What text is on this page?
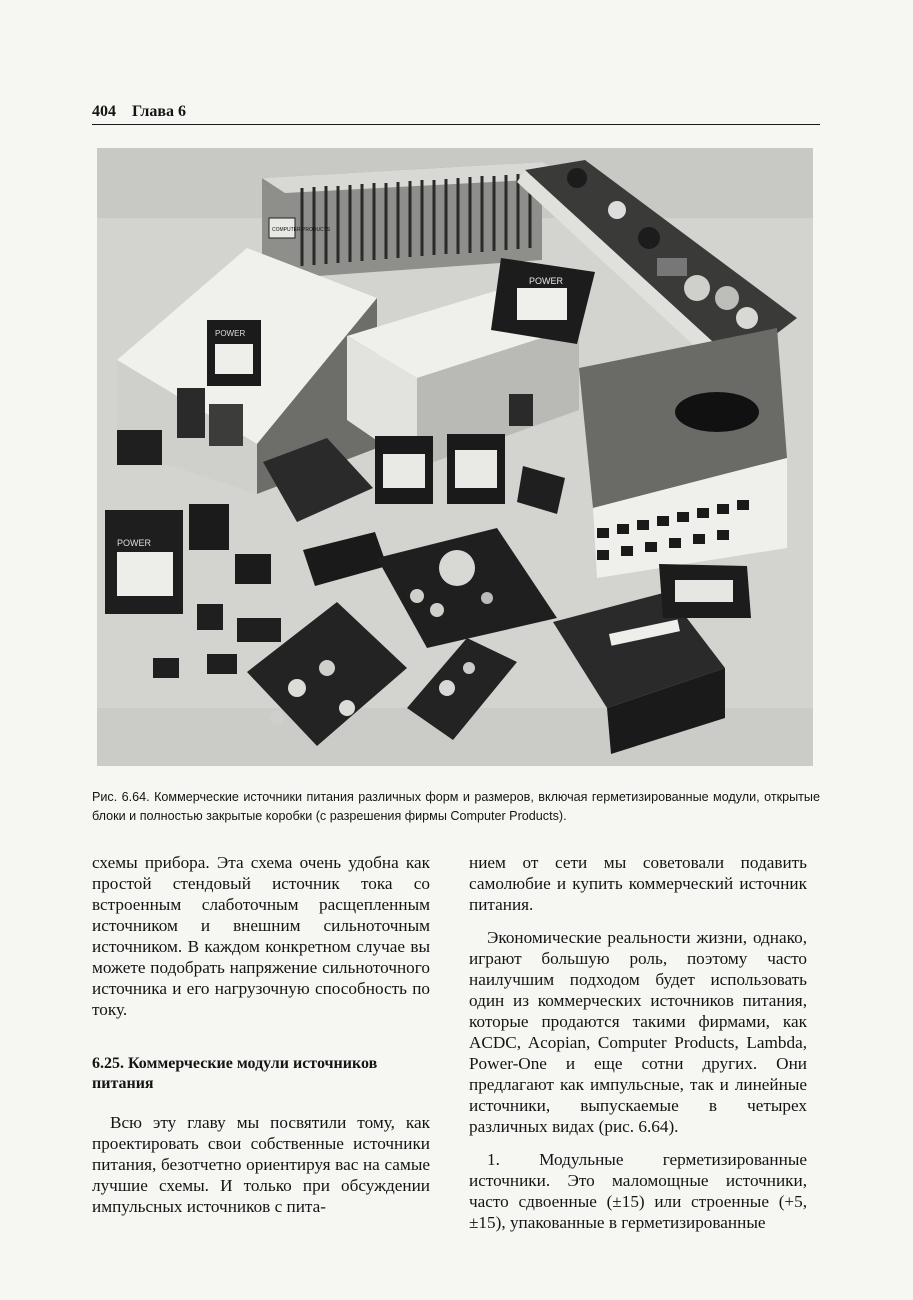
404 Глава 6
COMPUTER PRODUCTS
POWER
POWER
POWER
Рис. 6.64. Коммерческие источники питания различных форм и размеров, включая герметизированные модули, открытые блоки и полностью закрытые коробки (с разрешения фирмы Computer Products).

схемы прибора. Эта схема очень удобна как простой стендовый источник тока со встроенным слаботочным расщепленным источником и внешним сильноточным источником. В каждом конкретном случае вы можете подобрать напряжение сильноточного источника и его нагрузочную способность по току.

6.25. Коммерческие модули источников питания

Всю эту главу мы посвятили тому, как проектировать свои собственные источники питания, безотчетно ориентируя вас на самые лучшие схемы. И только при обсуждении импульсных источников с пита-

нием от сети мы советовали подавить самолюбие и купить коммерческий источник питания.

Экономические реальности жизни, однако, играют большую роль, поэтому часто наилучшим подходом будет использовать один из коммерческих источников питания, которые продаются такими фирмами, как ACDC, Acopian, Computer Products, Lambda, Power-One и еще сотни других. Они предлагают как импульсные, так и линейные источники, выпускаемые в четырех различных видах (рис. 6.64).

1. Модульные герметизированные источники. Это маломощные источники, часто сдвоенные (±15) или строенные (+5, ±15), упакованные в герметизированные
